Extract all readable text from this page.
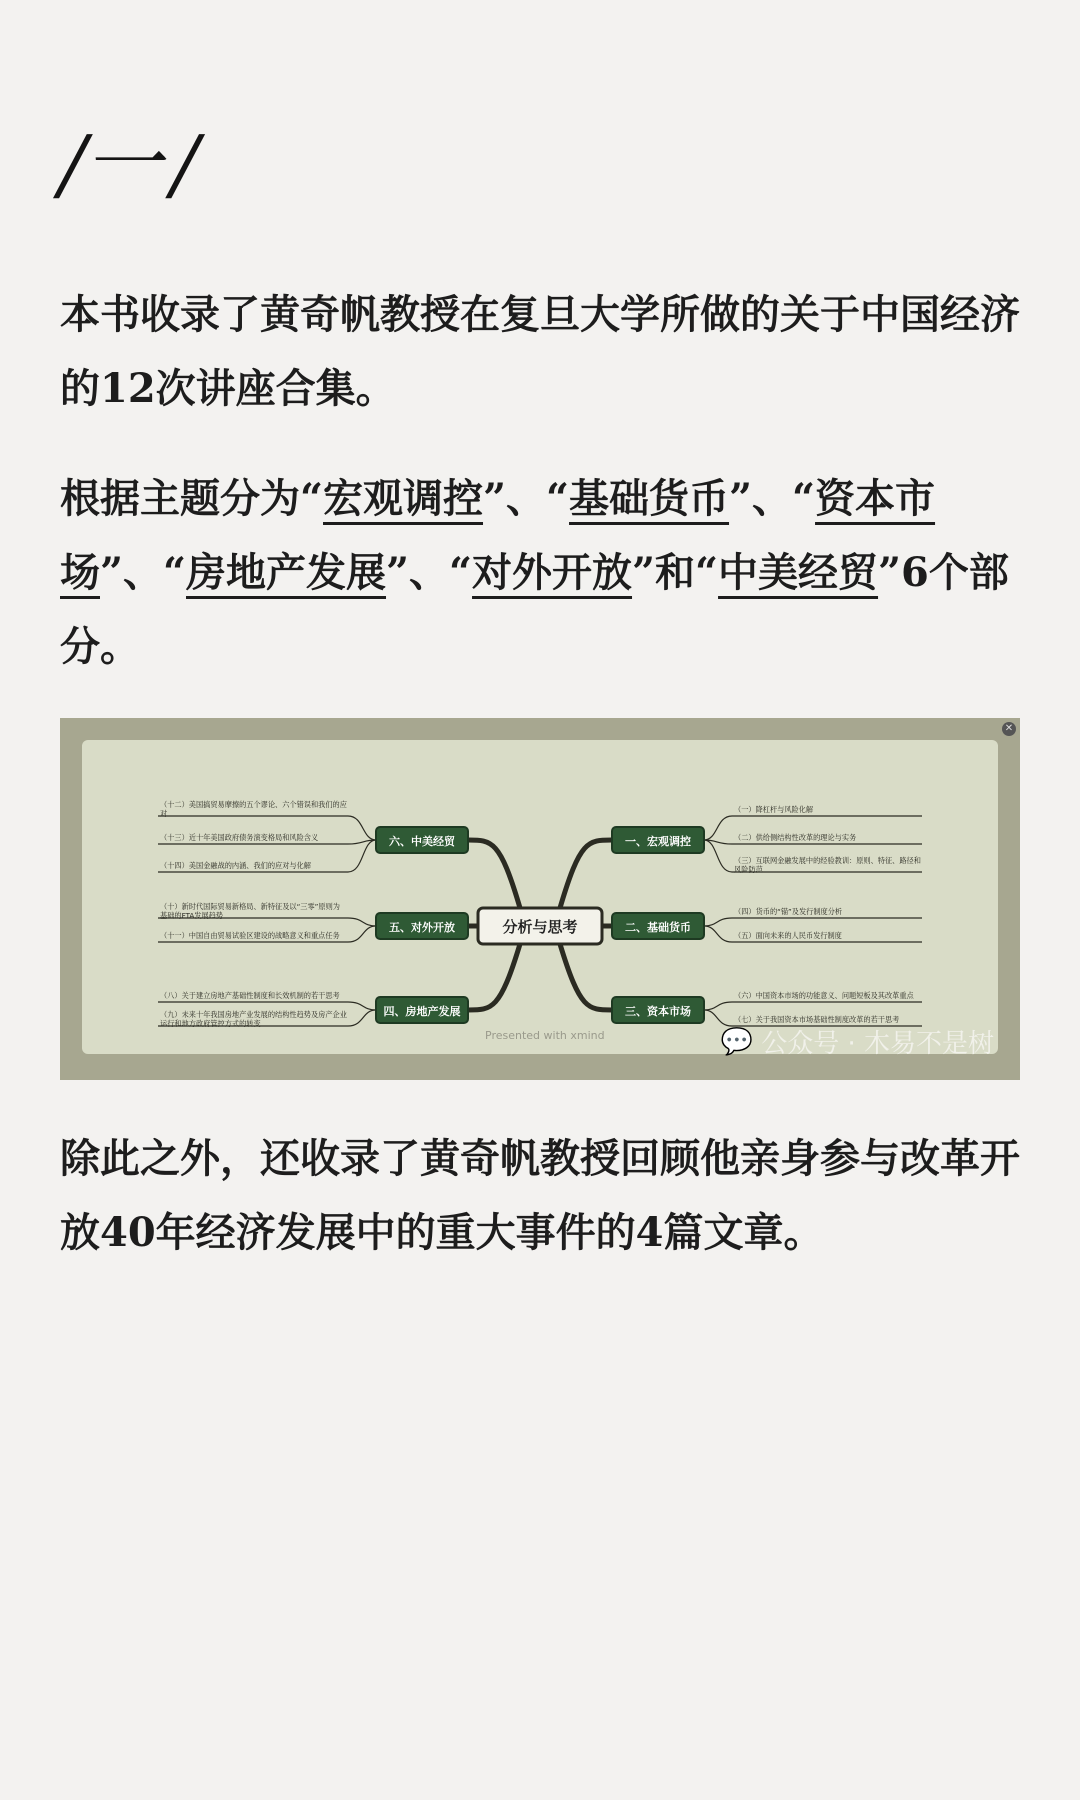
/一/

本书收录了黄奇帆教授在复旦大学所做的关于中国经济的12次讲座合集。

根据主题分为“宏观调控”、“基础货币”、“资本市场”、“房地产发展”、“对外开放”和“中美经贸”6个部分。

分析与思考
一、宏观调控
二、基础货币
三、资本市场
四、房地产发展
五、对外开放
六、中美经贸
（一）降杠杆与风险化解
（二）供给侧结构性改革的理论与实务
（三）互联网金融发展中的经验教训：原则、特征、路径和风险防范
（四）货币的“锚”及发行制度分析
（五）面向未来的人民币发行制度
（六）中国资本市场的功能意义、问题短板及其改革重点
（七）关于我国资本市场基础性制度改革的若干思考
（八）关于建立房地产基础性制度和长效机制的若干思考
（九）未来十年我国房地产业发展的结构性趋势及房产企业运行和地方政府管控方式的转变
（十）新时代国际贸易新格局、新特征及以“三零”原则为基础的FTA发展趋势
（十一）中国自由贸易试验区建设的战略意义和重点任务
（十二）美国搞贸易摩擦的五个谬论、六个错误和我们的应对
（十三）近十年美国政府债务演变格局和风险含义
（十四）美国金融战的内涵、我们的应对与化解
Presented with xmind
✕
💬 公众号 · 木易不是树

除此之外，还收录了黄奇帆教授回顾他亲身参与改革开放40年经济发展中的重大事件的4篇文章。
